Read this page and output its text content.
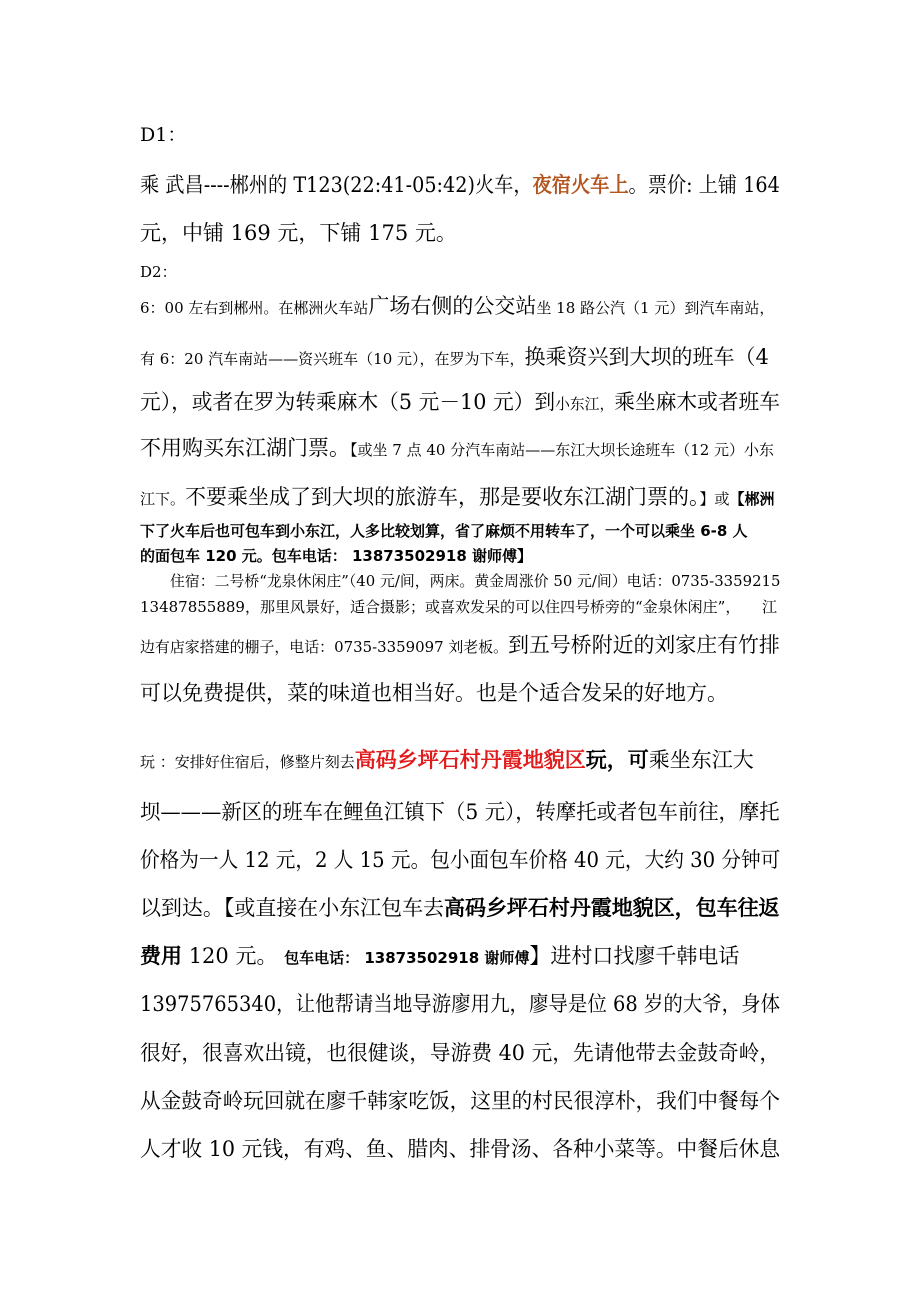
D1：
乘 武昌----郴州的 T123(22:41-05:42)火车，夜宿火车上。票价: 上铺 164
元，中铺 169 元，下铺 175 元。
D2：
6：00 左右到郴州。在郴洲火车站广场右侧的公交站坐 18 路公汽（1 元）到汽车南站，
有 6：20 汽车南站——资兴班车（10 元），在罗为下车，换乘资兴到大坝的班车（4
元），或者在罗为转乘麻木（5 元－10 元）到小东江，乘坐麻木或者班车
不用购买东江湖门票。【或坐 7 点 40 分汽车南站——东江大坝长途班车（12 元）小东
江下。不要乘坐成了到大坝的旅游车，那是要收东江湖门票的。】或【郴洲
下了火车后也可包车到小东江，人多比较划算，省了麻烦不用转车了，一个可以乘坐 6-8 人
的面包车 120 元。包车电话： 13873502918 谢师傅】
住宿：二号桥“龙泉休闲庄”（40 元/间，两床。黄金周涨价 50 元/间）电话：0735-3359215
13487855889，那里风景好，适合摄影；或喜欢发呆的可以住四号桥旁的“金泉休闲庄”， 江
边有店家搭建的棚子，电话：0735-3359097 刘老板。到五号桥附近的刘家庄有竹排
可以免费提供，菜的味道也相当好。也是个适合发呆的好地方。
玩 ：安排好住宿后，修整片刻去高码乡坪石村丹霞地貌区玩，可乘坐东江大
坝———新区的班车在鲤鱼江镇下（5 元），转摩托或者包车前往，摩托
价格为一人 12 元，2 人 15 元。包小面包车价格 40 元，大约 30 分钟可
以到达。【或直接在小东江包车去高码乡坪石村丹霞地貌区，包车往返
费用 120 元。 包车电话： 13873502918 谢师傅】进村口找廖千韩电话
13975765340，让他帮请当地导游廖用九，廖导是位 68 岁的大爷，身体
很好，很喜欢出镜，也很健谈，导游费 40 元，先请他带去金鼓奇岭，
从金鼓奇岭玩回就在廖千韩家吃饭，这里的村民很淳朴，我们中餐每个
人才收 10 元钱，有鸡、鱼、腊肉、排骨汤、各种小菜等。中餐后休息
